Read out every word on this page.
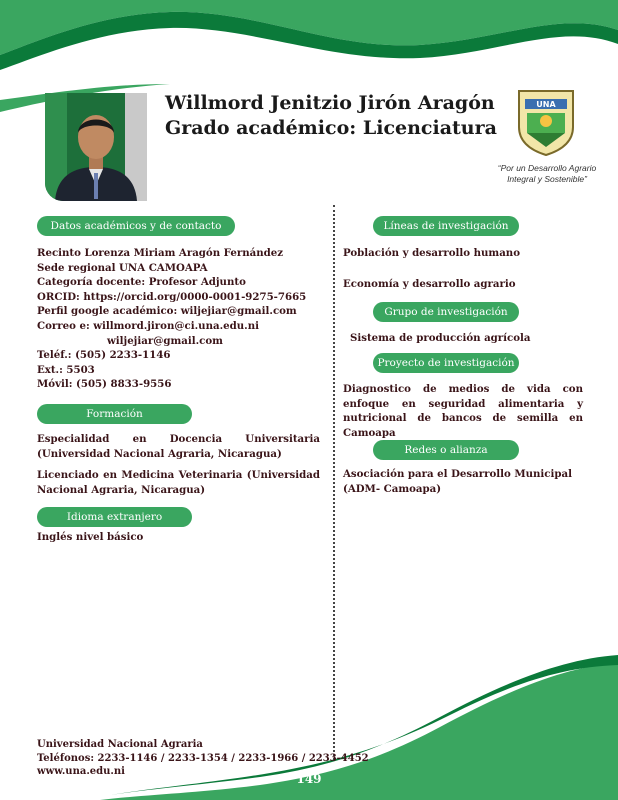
Willmord Jenitzio Jirón Aragón
Grado académico: Licenciatura
UNA
“Por un Desarrollo Agrario
Integral y Sostenible”
Datos académicos y de contacto
Recinto Lorenza Miriam Aragón Fernández
Sede regional UNA CAMOAPA
Categoría docente: Profesor Adjunto
ORCID: https://orcid.org/0000-0001-9275-7665
Perfil google académico: wiljejiar@gmail.com
Correo e: willmord.jiron@ci.una.edu.ni
wiljejiar@gmail.com
Teléf.: (505) 2233-1146
Ext.: 5503
Móvil: (505) 8833-9556
Formación
Especialidad en Docencia Universitaria (Universidad Nacional Agraria, Nicaragua)
Licenciado en Medicina Veterinaria (Universidad Nacional Agraria, Nicaragua)
Idioma extranjero
Inglés nivel básico
Líneas de investigación
Población y desarrollo humano
Economía y desarrollo agrario
Grupo de investigación
Sistema de producción agrícola
Proyecto de investigación
Diagnostico de medios de vida con enfoque en seguridad alimentaria y nutricional de bancos de semilla en Camoapa
Redes o alianza
Asociación para el Desarrollo Municipal (ADM- Camoapa)
Universidad Nacional Agraria
Teléfonos: 2233-1146 / 2233-1354 / 2233-1966 / 2233-4452
www.una.edu.ni
149
